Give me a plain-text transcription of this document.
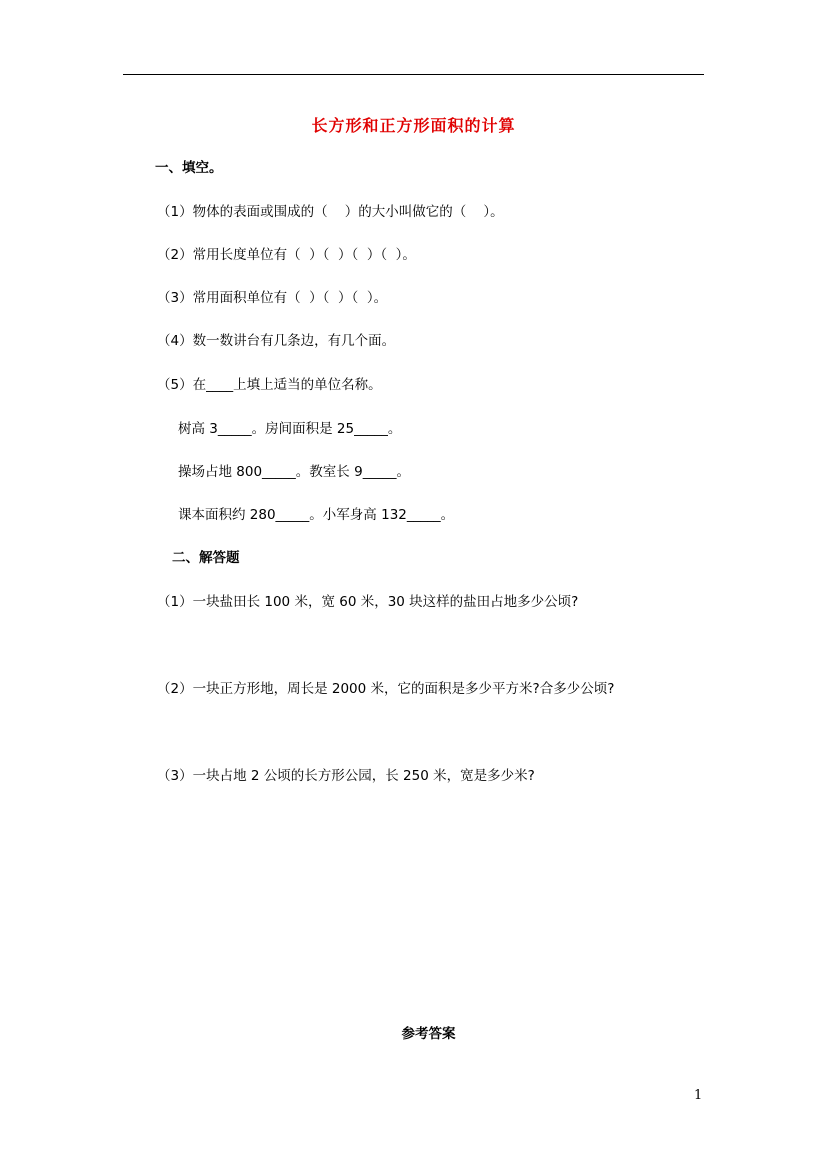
长方形和正方形面积的计算
一、填空。
（1）物体的表面或围成的（    ）的大小叫做它的（    ）。
（2）常用长度单位有（  ）（  ）（  ）（  ）。
（3）常用面积单位有（  ）（  ）（  ）。
（4）数一数讲台有几条边，有几个面。
（5）在____上填上适当的单位名称。
树高 3_____。房间面积是 25_____。
操场占地 800_____。教室长 9_____。
课本面积约 280_____。小军身高 132_____。
二、解答题
（1）一块盐田长 100 米，宽 60 米，30 块这样的盐田占地多少公顷?
（2）一块正方形地，周长是 2000 米，它的面积是多少平方米?合多少公顷?
（3）一块占地 2 公顷的长方形公园，长 250 米，宽是多少米?
参考答案
1
